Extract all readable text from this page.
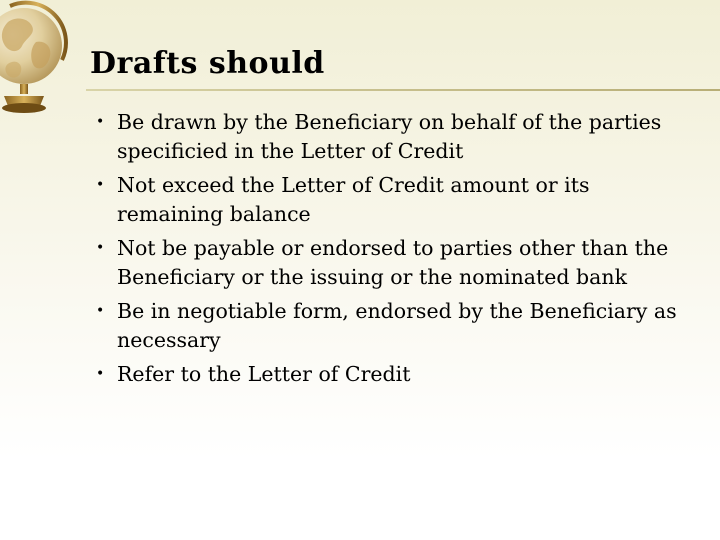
Drafts should
• Be drawn by the Beneficiary on behalf of the parties specificied in the Letter of Credit
• Not exceed the Letter of Credit amount or its remaining balance
• Not be payable or endorsed to parties other than the Beneficiary or the issuing or the nominated bank
• Be in negotiable form, endorsed by the Beneficiary as necessary
• Refer to the Letter of Credit
